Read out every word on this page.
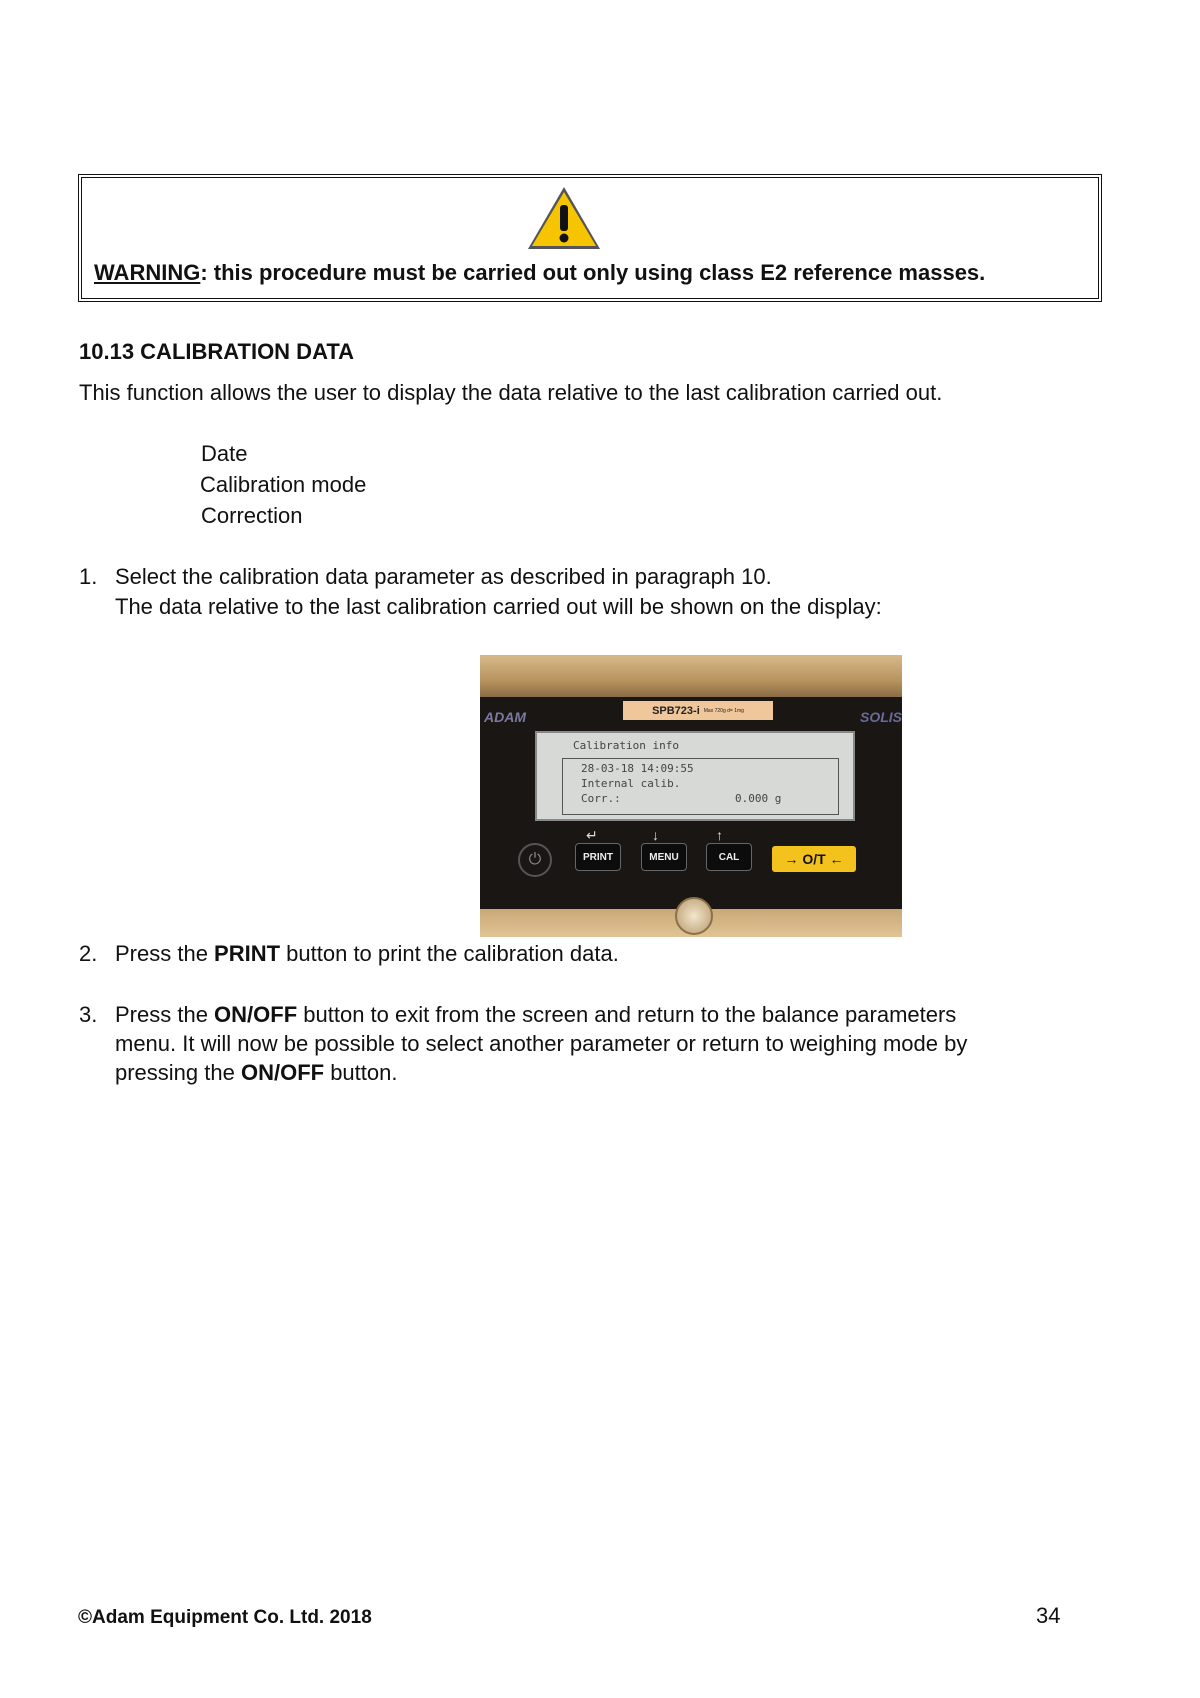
WARNING: this procedure must be carried out only using class E2 reference masses.
10.13 CALIBRATION DATA
This function allows the user to display the data relative to the last calibration carried out.
Date
Calibration mode
Correction
1. Select the calibration data parameter as described in paragraph 10.
The data relative to the last calibration carried out will be shown on the display:
ADAM	SOLIS
SPB723-i Max 720g d= 1mg
Calibration info
28-03-18 14:09:55
Internal calib.
Corr.:	0.000 g
⏻
↵
PRINT
↓
MENU
↑
CAL	→ O/T ←
2. Press the PRINT button to print the calibration data.
3. Press the ON/OFF button to exit from the screen and return to the balance parameters
menu. It will now be possible to select another parameter or return to weighing mode by
pressing the ON/OFF button.
©Adam Equipment Co. Ltd. 2018	34
